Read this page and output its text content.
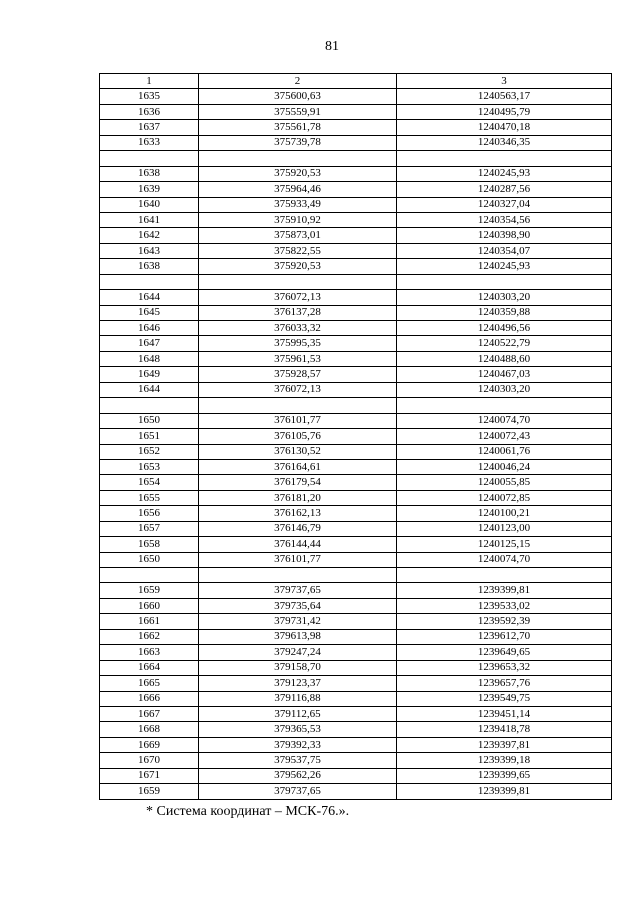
81
1	2	3
1635	375600,63	1240563,17
1636	375559,91	1240495,79
1637	375561,78	1240470,18
1633	375739,78	1240346,35

1638	375920,53	1240245,93
1639	375964,46	1240287,56
1640	375933,49	1240327,04
1641	375910,92	1240354,56
1642	375873,01	1240398,90
1643	375822,55	1240354,07
1638	375920,53	1240245,93

1644	376072,13	1240303,20
1645	376137,28	1240359,88
1646	376033,32	1240496,56
1647	375995,35	1240522,79
1648	375961,53	1240488,60
1649	375928,57	1240467,03
1644	376072,13	1240303,20

1650	376101,77	1240074,70
1651	376105,76	1240072,43
1652	376130,52	1240061,76
1653	376164,61	1240046,24
1654	376179,54	1240055,85
1655	376181,20	1240072,85
1656	376162,13	1240100,21
1657	376146,79	1240123,00
1658	376144,44	1240125,15
1650	376101,77	1240074,70

1659	379737,65	1239399,81
1660	379735,64	1239533,02
1661	379731,42	1239592,39
1662	379613,98	1239612,70
1663	379247,24	1239649,65
1664	379158,70	1239653,32
1665	379123,37	1239657,76
1666	379116,88	1239549,75
1667	379112,65	1239451,14
1668	379365,53	1239418,78
1669	379392,33	1239397,81
1670	379537,75	1239399,18
1671	379562,26	1239399,65
1659	379737,65	1239399,81
* Система координат – МСК-76.».
